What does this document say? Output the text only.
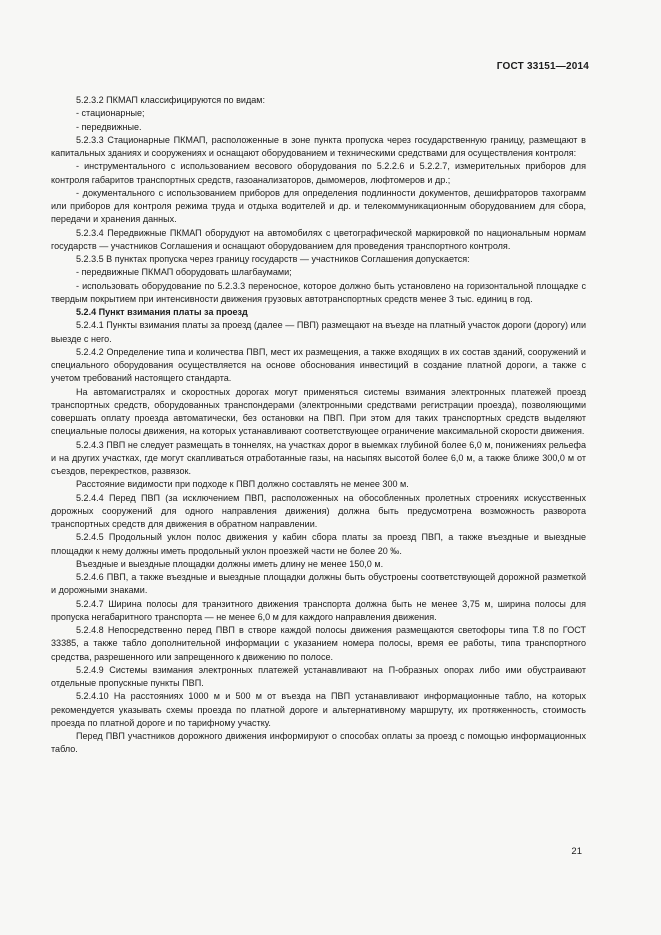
ГОСТ 33151—2014

5.2.3.2 ПКМАП классифицируются по видам:

- стационарные;

- передвижные.

5.2.3.3 Стационарные ПКМАП, расположенные в зоне пункта пропуска через государственную границу, размещают в капитальных зданиях и сооружениях и оснащают оборудованием и техническими средствами для осуществления контроля:

- инструментального с использованием весового оборудования по 5.2.2.6 и 5.2.2.7, измерительных приборов для контроля габаритов транспортных средств, газоанализаторов, дымомеров, люфтомеров и др.;

- документального с использованием приборов для определения подлинности документов, дешифраторов тахограмм или приборов для контроля режима труда и отдыха водителей и др. и телекоммуникационным оборудованием для сбора, передачи и хранения данных.

5.2.3.4 Передвижные ПКМАП оборудуют на автомобилях с цветографической маркировкой по национальным нормам государств — участников Соглашения и оснащают оборудованием для проведения транспортного контроля.

5.2.3.5 В пунктах пропуска через границу государств — участников Соглашения допускается:

- передвижные ПКМАП оборудовать шлагбаумами;

- использовать оборудование по 5.2.3.3 переносное, которое должно быть установлено на горизонтальной площадке с твердым покрытием при интенсивности движения грузовых автотранспортных средств менее 3 тыс. единиц в год.

5.2.4 Пункт взимания платы за проезд

5.2.4.1 Пункты взимания платы за проезд (далее — ПВП) размещают на въезде на платный участок дороги (дорогу) или выезде с него.

5.2.4.2 Определение типа и количества ПВП, мест их размещения, а также входящих в их состав зданий, сооружений и специального оборудования осуществляется на основе обоснования инвестиций в создание платной дороги, а также с учетом требований настоящего стандарта.

На автомагистралях и скоростных дорогах могут применяться системы взимания электронных платежей проезд транспортных средств, оборудованных транспондерами (электронными средствами регистрации проезда), позволяющими совершать оплату проезда автоматически, без остановки на ПВП. При этом для таких транспортных средств выделяют специальные полосы движения, на которых устанавливают соответствующее ограничение максимальной скорости движения.

5.2.4.3 ПВП не следует размещать в тоннелях, на участках дорог в выемках глубиной более 6,0 м, понижениях рельефа и на других участках, где могут скапливаться отработанные газы, на насыпях высотой более 6,0 м, а также ближе 300,0 м от съездов, перекрестков, развязок.

Расстояние видимости при подходе к ПВП должно составлять не менее 300 м.

5.2.4.4 Перед ПВП (за исключением ПВП, расположенных на обособленных пролетных строениях искусственных дорожных сооружений для одного направления движения) должна быть предусмотрена возможность разворота транспортных средств для движения в обратном направлении.

5.2.4.5 Продольный уклон полос движения у кабин сбора платы за проезд ПВП, а также въездные и выездные площадки к нему должны иметь продольный уклон проезжей части не более 20 ‰.

Въездные и выездные площадки должны иметь длину не менее 150,0 м.

5.2.4.6 ПВП, а также въездные и выездные площадки должны быть обустроены соответствующей дорожной разметкой и дорожными знаками.

5.2.4.7 Ширина полосы для транзитного движения транспорта должна быть не менее 3,75 м, ширина полосы для пропуска негабаритного транспорта — не менее 6,0 м для каждого направления движения.

5.2.4.8 Непосредственно перед ПВП в створе каждой полосы движения размещаются светофоры типа Т.8 по ГОСТ 33385, а также табло дополнительной информации с указанием номера полосы, время ее работы, типа транспортного средства, разрешенного или запрещенного к движению по полосе.

5.2.4.9 Системы взимания электронных платежей устанавливают на П-образных опорах либо ими обустраивают отдельные пропускные пункты ПВП.

5.2.4.10 На расстояниях 1000 м и 500 м от въезда на ПВП устанавливают информационные табло, на которых рекомендуется указывать схемы проезда по платной дороге и альтернативному маршруту, их протяженность, стоимость проезда по платной дороге и по тарифному участку.

Перед ПВП участников дорожного движения информируют о способах оплаты за проезд с помощью информационных табло.

21
